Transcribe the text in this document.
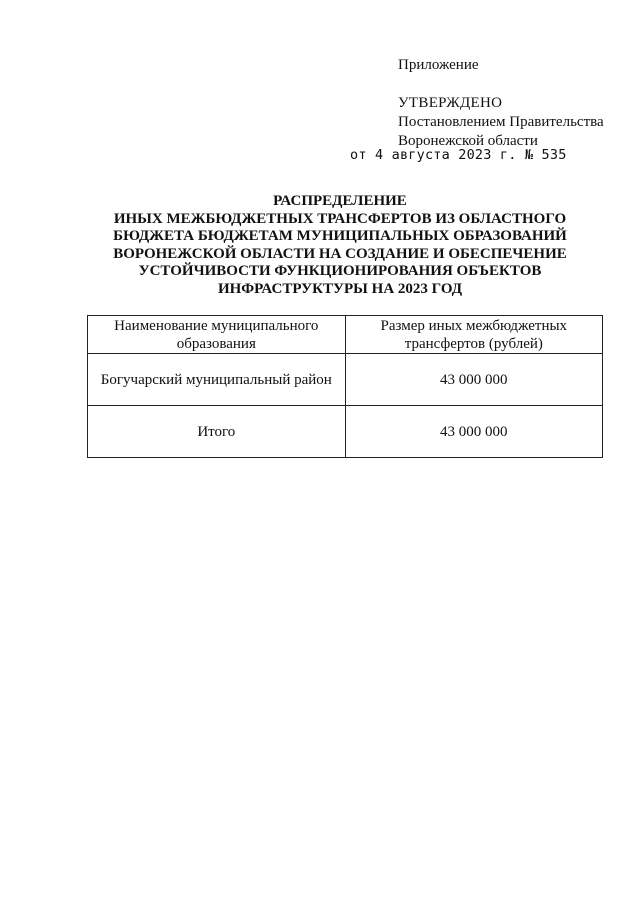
Приложение
УТВЕРЖДЕНО
Постановлением Правительства
Воронежской области
от 4 августа 2023 г. № 535
РАСПРЕДЕЛЕНИЕ
ИНЫХ МЕЖБЮДЖЕТНЫХ ТРАНСФЕРТОВ ИЗ ОБЛАСТНОГО
БЮДЖЕТА БЮДЖЕТАМ МУНИЦИПАЛЬНЫХ ОБРАЗОВАНИЙ
ВОРОНЕЖСКОЙ ОБЛАСТИ НА СОЗДАНИЕ И ОБЕСПЕЧЕНИЕ
УСТОЙЧИВОСТИ ФУНКЦИОНИРОВАНИЯ ОБЪЕКТОВ
ИНФРАСТРУКТУРЫ НА 2023 ГОД
Наименование муниципального
образования	Размер иных межбюджетных
трансфертов (рублей)
Богучарский муниципальный район	43 000 000
Итого	43 000 000
